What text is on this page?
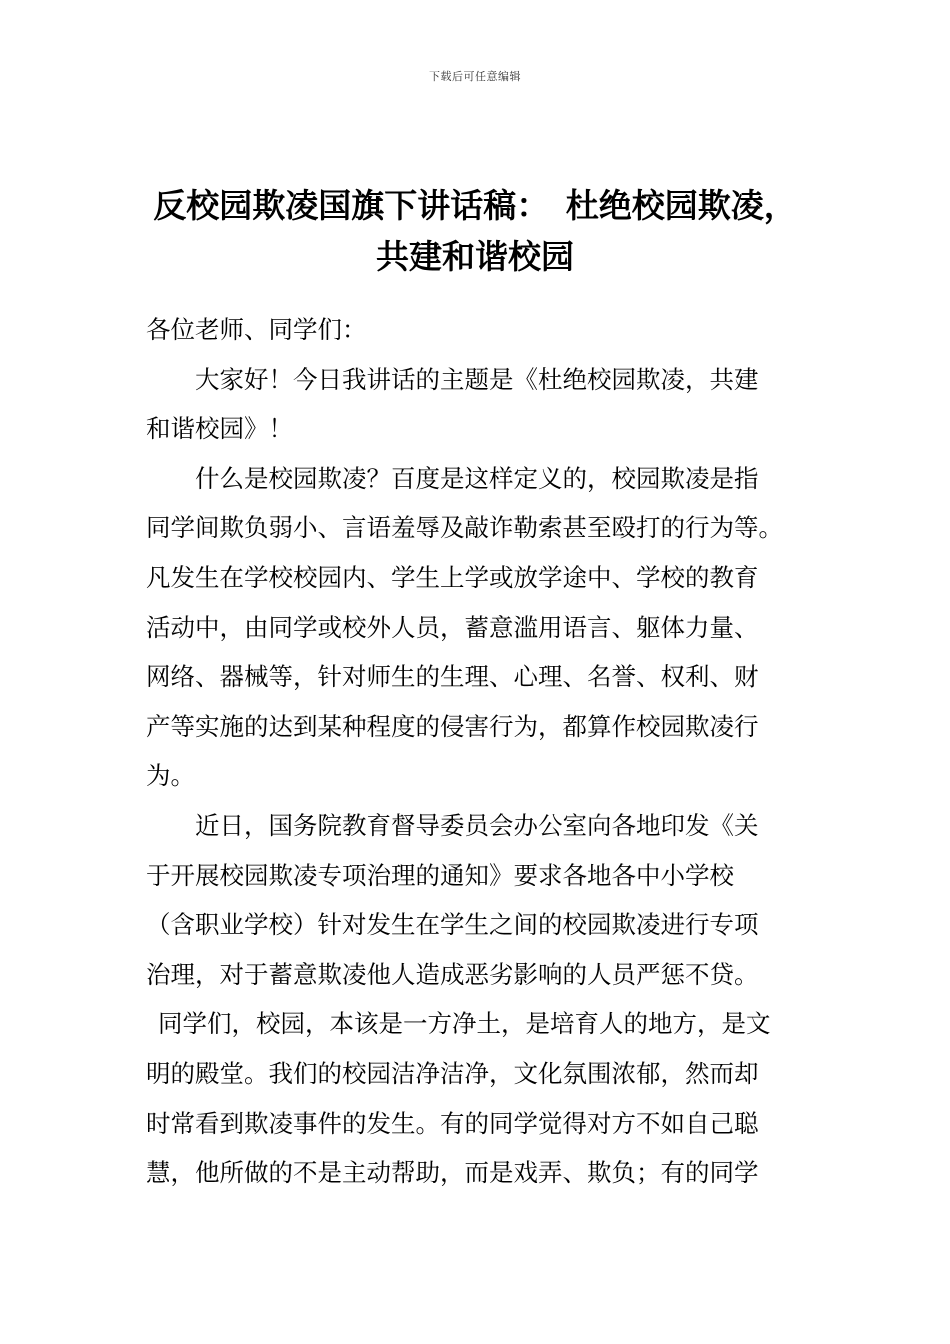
下载后可任意编辑
反校园欺凌国旗下讲话稿：　杜绝校园欺凌，
共建和谐校园
各位老师、同学们：
大家好！今日我讲话的主题是《杜绝校园欺凌，共建
和谐校园》！
什么是校园欺凌？百度是这样定义的，校园欺凌是指
同学间欺负弱小、言语羞辱及敲诈勒索甚至殴打的行为等。
凡发生在学校校园内、学生上学或放学途中、学校的教育
活动中，由同学或校外人员，蓄意滥用语言、躯体力量、
网络、器械等，针对师生的生理、心理、名誉、权利、财
产等实施的达到某种程度的侵害行为，都算作校园欺凌行
为。
近日，国务院教育督导委员会办公室向各地印发《关
于开展校园欺凌专项治理的通知》要求各地各中小学校
（含职业学校）针对发生在学生之间的校园欺凌进行专项
治理，对于蓄意欺凌他人造成恶劣影响的人员严惩不贷。
同学们，校园，本该是一方净土，是培育人的地方，是文
明的殿堂。我们的校园洁净洁净，文化氛围浓郁，然而却
时常看到欺凌事件的发生。有的同学觉得对方不如自己聪
慧，他所做的不是主动帮助，而是戏弄、欺负；有的同学
